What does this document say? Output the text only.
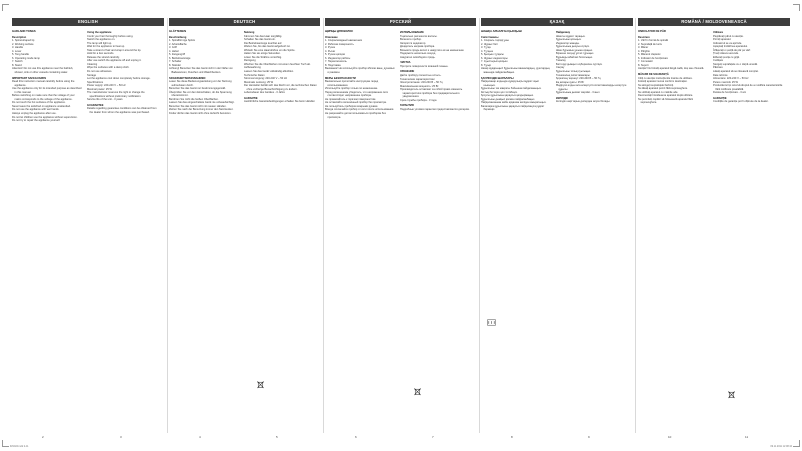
ENGLISH	DEUTSCH	РУССКИЙ	ҚАЗАҚ	ROMÂNĂ / MOLDOVENEASCĂ
GARLAND TONGS

Description

1. Spiral-shaped tip

2. Working surface

3. Handle

4. Lever

5. Tong handle

6. Operating mode lamp

7. Switch

8. Stand

Attention! Do not use this appliance near the bathtub, shower, sink or other vessels containing water.

IMPORTANT SAFEGUARDS

Read this instruction manual carefully before using the appliance.

Use the appliance only for its intended purpose as described in this manual.

Before switching on make sure that the voltage of your mains corresponds to the voltage of the appliance.

Do not touch the hot surfaces of the appliance.

Never leave the switched on appliance unattended.

Do not use the appliance with wet hands.

Always unplug the appliance after use.

Do not let children use the appliance without supervision.

Do not try to repair the appliance yourself.

Using the appliance

Comb your hair thoroughly before using.

Switch the appliance on.

The lamp will light up.

Wait for the appliance to heat up.

Take a strand of hair and wrap it around the tip.

Hold for a few seconds.

Release the strand carefully.

After use switch the appliance off and unplug it.

Cleaning

Wipe the surfaces with a damp cloth.

Do not use abrasives.

Storage

Let the appliance cool down completely before storage.

Specifications

Power supply: 220-240 V ~ 50 Hz

Maximal power: 25 W

The manufacturer reserves the right to change the specifications without preliminary notification.

Service life of the unit - 3 years

GUARANTEE

Details regarding guarantee conditions can be obtained from the dealer from whom the appliance was purchased.

GLÄTTEISEN

Beschreibung

1. Spiralförmige Spitze

2. Arbeitsfläche

3. Griff

4. Hebel

5. Zangengriff

6. Betriebsanzeige

7. Schalter

8. Ständer

Achtung! Benutzen Sie das Gerät nicht in der Nähe von Badewannen, Duschen und Waschbecken.

SICHERHEITSMASSNAHMEN

Lesen Sie diese Bedienungsanleitung vor der Nutzung aufmerksam durch.

Benutzen Sie das Gerät nur bestimmungsgemäß.

Überprüfen Sie vor dem Einschalten, ob die Spannung übereinstimmt.

Berühren Sie nicht die heißen Oberflächen.

Lassen Sie das eingeschaltete Gerät nie unbeaufsichtigt.

Benutzen Sie das Gerät nicht mit nassen Händen.

Ziehen Sie nach der Benutzung immer den Netzstecker.

Kinder dürfen das Gerät nicht ohne Aufsicht benutzen.

Nutzung

Kämmen Sie das Haar sorgfältig.

Schalten Sie das Gerät ein.

Die Betriebsanzeige leuchtet auf.

Warten Sie, bis das Gerät aufgeheizt ist.

Wickeln Sie eine Haarsträhne um die Spitze.

Halten Sie sie einige Sekunden.

Lösen Sie die Strähne vorsichtig.

Reinigung

Wischen Sie die Oberflächen mit einem feuchten Tuch ab.

Aufbewahrung

Lassen Sie das Gerät vollständig abkühlen.

Technische Daten

Stromversorgung: 220-240 V ~ 50 Hz

Maximale Leistung: 25 W

Der Hersteller behält sich das Recht vor, die technischen Daten ohne vorherige Benachrichtigung zu ändern.

Lebensdauer des Gerätes - 3 Jahre

GARANTIE

Ausführliche Garantiebedingungen erhalten Sie beim Händler.

ЩИПЦЫ ДЛЯ ВОЛОС

Описание

1. Спиралевидный наконечник

2. Рабочая поверхность

3. Ручка

4. Рычаг

5. Ручка щипцов

6. Индикатор работы

7. Переключатель

8. Подставка

Внимание! Не используйте прибор вблизи ванн, душевых и раковин.

МЕРЫ БЕЗОПАСНОСТИ

Внимательно прочитайте инструкцию перед использованием.

Используйте прибор только по назначению.

Перед включением убедитесь, что напряжение сети соответствует напряжению прибора.

Не прикасайтесь к горячим поверхностям.

Не оставляйте включённый прибор без присмотра.

Не пользуйтесь прибором мокрыми руками.

Всегда отключайте прибор от сети после использования.

Не разрешайте детям пользоваться прибором без присмотра.

ИСПОЛЬЗОВАНИЕ

Тщательно расчешите волосы.

Включите прибор.

Загорится индикатор.

Дождитесь нагрева прибора.

Возьмите прядь волос и накрутите её на наконечник.

Подержите несколько секунд.

Аккуратно освободите прядь.

ЧИСТКА

Протрите поверхности влажной тканью.

ХРАНЕНИЕ

Дайте прибору полностью остыть.

Технические характеристики

Электропитание: 220-240 В ~ 50 Гц

Максимальная мощность: 25 Вт

Производитель оставляет за собой право изменять характеристики прибора без предварительного уведомления.

Срок службы прибора - 3 года

ГАРАНТИЯ

Подробные условия гарантии предоставляются дилером.

ШАШҚА АРНАЛҒАН ҚЫСҚЫШ

Сипаттамасы

1. Спираль тәрізді ұшы

2. Жұмыс беті

3. Тұтқа

4. Тұтқыш

5. Қысқыш тұтқасы

6. Жұмыс индикаторы

7. Ауыстырып-қосқыш

8. Тұғыр

Назар аударыңыз! Құрылғыны ванналардың, душтардың жанында пайдаланбаңыз.

ҚАУІПСІЗДІК ШАРАЛАРЫ

Пайдаланар алдында нұсқаулықты мұқият оқып шығыңыз.

Құрылғыны тек мақсаты бойынша пайдаланыңыз.

Ыстық беттерге қол тигізбеңіз.

Қосулы құрылғыны қараусыз қалдырмаңыз.

Құрылғыны дымқыл қолмен пайдаланбаңыз.

Пайдаланғаннан кейін әрқашан желіден ажыратыңыз.

Балаларға құрылғыны қараусыз пайдалануға рұқсат бермеңіз.

Пайдалану

Шашты мұқият тараңыз.

Құрылғыны қосыңыз.

Индикатор жанады.

Құрылғының қызуын күтіңіз.

Шаш бұрымын ұшына ораңыз.

Бірнеше секунд ұстап тұрыңыз.

Бұрымды абайлап босатыңыз.

Тазалау

Беттерді дымқыл шүберекпен сүртіңіз.

Сақтау

Құрылғыны толық суытыңыз.

Техникалық сипаттамалары

Қоректену кернеуі: 220-240 В ~ 50 Гц

Ең жоғары қуаты: 25 Вт

Өндіруші алдын ала ескертусіз сипаттамаларды өзгертуге құқылы.

Құрылғының қызмет мерзімі - 3 жыл

КЕПІЛДІК

Кепілдік шарттарын дилерден алуға болады.

ONDULATOR DE PĂR

Descriere

1. Vârf în formă de spirală

2. Suprafață de lucru

3. Mâner

4. Pârghie

5. Mânerul cleștelui

6. Indicator de funcționare

7. Comutator

8. Suport

Atenție! Nu folosiți aparatul lângă cadă, duș sau chiuvetă.

MĂSURI DE SIGURANȚĂ

Citiți cu atenție instrucțiunile înainte de utilizare.

Folosiți aparatul numai conform destinației.

Nu atingeți suprafețele fierbinți.

Nu lăsați aparatul pornit fără supraveghere.

Nu utilizați aparatul cu mâinile ude.

Deconectați întotdeauna aparatul după utilizare.

Nu permiteți copiilor să folosească aparatul fără supraveghere.

Utilizare

Pieptănați părul cu atenție.

Porniți aparatul.

Indicatorul se va aprinde.

Așteptați încălzirea aparatului.

Înfășurați o șuviță de păr pe vârf.

Țineți câteva secunde.

Eliberați șuvița cu grijă.

Curățare

Ștergeți suprafețele cu o cârpă umedă.

Păstrare

Lăsați aparatul să se răcească complet.

Date tehnice

Alimentare: 220-240 V ~ 50 Hz

Putere maximă: 25 W

Producătorul își rezervă dreptul de a modifica caracteristicile fără notificare prealabilă.

Durata de funcționare - 3 ani

GARANȚIE

Condițiile de garanție pot fi obținute de la dealer.

2	3	4	5	6	7	8	9	10	11
IM1024.indd 2-11	09.11.2011 12:08:44
